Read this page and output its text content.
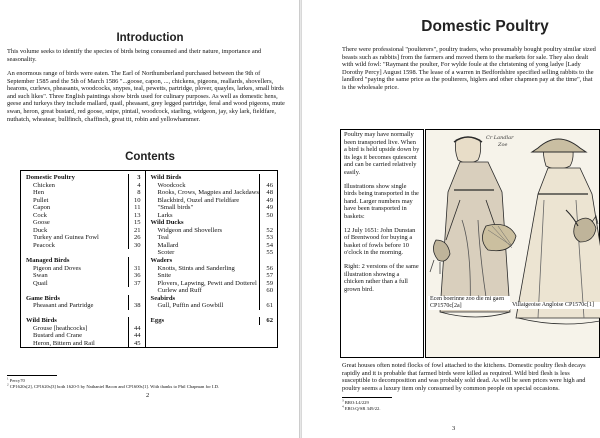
Introduction

This volume seeks to identify the species of birds being consumed and their nature, importance and seasonality.

An enormous range of birds were eaten. The Earl of Northumberland purchased between the 9th of September 1585 and the 5th of March 1586 "...goose, capon, ..., chickens, pigeons, reallards, shovellers, hearons, curlews, pheasants, woodcocks, snypes, teal, pewetts, partridge, plover, quayles, larkes, small birds and such likes". Three English paintings show birds used for culinary purposes. As well as domestic hens, geese and turkeys they include mallard, quail, pheasant, grey legged partridge, feral and wood pigeons, mute swan, heron, great bustard, red goose, snipe, pintail, woodcock, starling, widgeon, jay, sky lark, fieldfare, nuthatch, wheatear, bullfinch, chaffinch, great tit, robin and yellowhammer.

Contents
Domestic Poultry	3
Chicken	4
Hen	8
Pullet	10
Capon	11
Cock	13
Goose	15
Duck	21
Turkey and Guinea Fowl	26
Peacock	30
Managed Birds
Pigeon and Doves	31
Swan	36
Quail	37
Game Birds
Pheasant and Partridge	38
Wild Birds
Grouse [heathcocks]	44
Bustard and Crane	44
Heron, Bittern and Rail	45
Wild Birds
Woodcock	46
Rooks, Crows, Magpies and Jackdaws	48
Blackbird, Ouzel and Fieldfare	49
"Small birds"	49
Larks	50
Wild Ducks
Widgeon and Shovellers	52
Teal	53
Mallard	54
Scoter	55
Waders
Knotts, Stints and Sanderling	56
Snite	57
Plovers, Lapwing, Pewit and Dotterel	59
Curlew and Ruff	60
Seabirds
Gull, Puffin and Gowbill	61
Eggs	62

$^1$ Percy70

$^2$ CP1620s[2], CP1620s[3] both 1620-5 by Nathaniel Bacon and CP1600s[1]. With thanks to Phil Chapman for I.D.

2
Domestic Poultry

There were professional "poulterers", poultry traders, who presumably bought poultry similar sized beasts such as rabbits] from the farmers and moved them to the markets for sale. They also dealt with wild fowl: "Raymant the poulter, For wylde foule at the christening of yong ladye [Lady Dorothy Percy] August 1598. The lease of a warren in Bedfordshire specified selling rabbits to the landlord "paying the same price as the poulterers, higlers and other chapmen pay at the time", that is the wholesale price.

Poultry may have normally been transported live. When a bird is held upside down by its legs it becomes quiescent and can be carried relatively easily.

Illustrations show single birds being transported in the hand. Larger numbers may have been transported in baskets:

12 July 1651: John Dunstan of Brentwood for buying a basket of fowls before 10 o'clock in the morning.

Right: 2 versions of the same illustration showing a chicken rather than a full grown bird.

Cr Landlar
Zoe
Ecen boerinne zoo die mi gaen CP1570c[2a]	Villaigeoise Angloise CP1570c[1]

Great houses often noted flocks of fowl attached to the kitchens. Domestic poultry flesh decays rapidly and it is probable that farmed birds were killed as required. Wild bird flesh is less susceptible to decomposition and was probably sold dead. As will be seen prices were high and poultry seems a luxury item only consumed by common people on special occasions.

$^3$ BRO:L4/229

$^4$ ERO:Q/SR 349/22.

3
